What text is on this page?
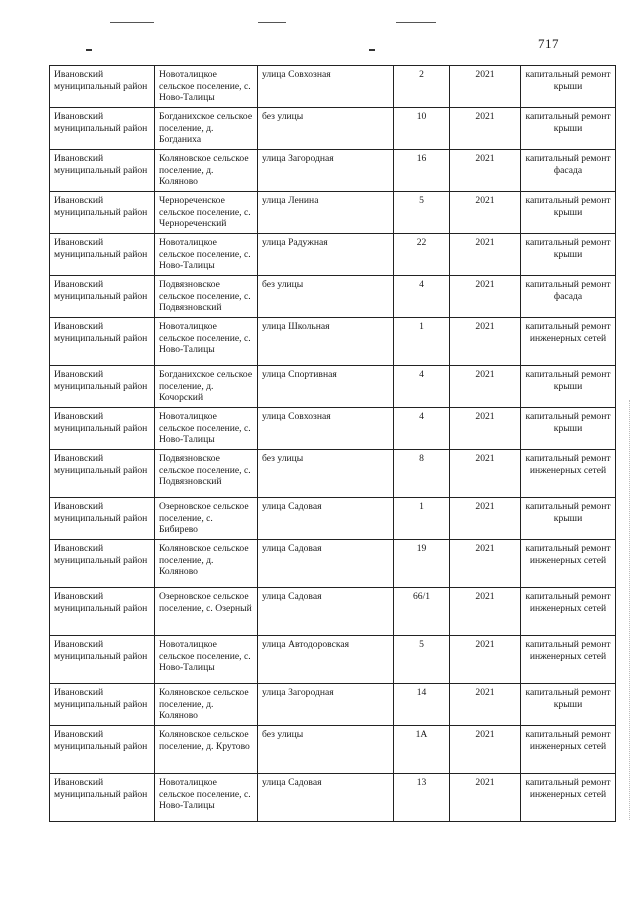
717
Ивановский муниципальный район	Новоталицкое сельское поселение, с. Ново-Талицы	улица Совхозная	2	2021	капитальный ремонт крыши
Ивановский муниципальный район	Богданихское сельское поселение, д. Богданиха	без улицы	10	2021	капитальный ремонт крыши
Ивановский муниципальный район	Коляновское сельское поселение, д. Коляново	улица Загородная	16	2021	капитальный ремонт фасада
Ивановский муниципальный район	Чернореченское сельское поселение, с. Чернореченский	улица Ленина	5	2021	капитальный ремонт крыши
Ивановский муниципальный район	Новоталицкое сельское поселение, с. Ново-Талицы	улица Радужная	22	2021	капитальный ремонт крыши
Ивановский муниципальный район	Подвязновское сельское поселение, с. Подвязновский	без улицы	4	2021	капитальный ремонт фасада
Ивановский муниципальный район	Новоталицкое сельское поселение, с. Ново-Талицы	улица Школьная	1	2021	капитальный ремонт инженерных сетей
Ивановский муниципальный район	Богданихское сельское поселение, д. Кочорский	улица Спортивная	4	2021	капитальный ремонт крыши
Ивановский муниципальный район	Новоталицкое сельское поселение, с. Ново-Талицы	улица Совхозная	4	2021	капитальный ремонт крыши
Ивановский муниципальный район	Подвязновское сельское поселение, с. Подвязновский	без улицы	8	2021	капитальный ремонт инженерных сетей
Ивановский муниципальный район	Озерновское сельское поселение, с. Бибирево	улица Садовая	1	2021	капитальный ремонт крыши
Ивановский муниципальный район	Коляновское сельское поселение, д. Коляново	улица Садовая	19	2021	капитальный ремонт инженерных сетей
Ивановский муниципальный район	Озерновское сельское поселение, с. Озерный	улица Садовая	66/1	2021	капитальный ремонт инженерных сетей
Ивановский муниципальный район	Новоталицкое сельское поселение, с. Ново-Талицы	улица Автодоровская	5	2021	капитальный ремонт инженерных сетей
Ивановский муниципальный район	Коляновское сельское поселение, д. Коляново	улица Загородная	14	2021	капитальный ремонт крыши
Ивановский муниципальный район	Коляновское сельское поселение, д. Крутово	без улицы	1А	2021	капитальный ремонт инженерных сетей
Ивановский муниципальный район	Новоталицкое сельское поселение, с. Ново-Талицы	улица Садовая	13	2021	капитальный ремонт инженерных сетей
